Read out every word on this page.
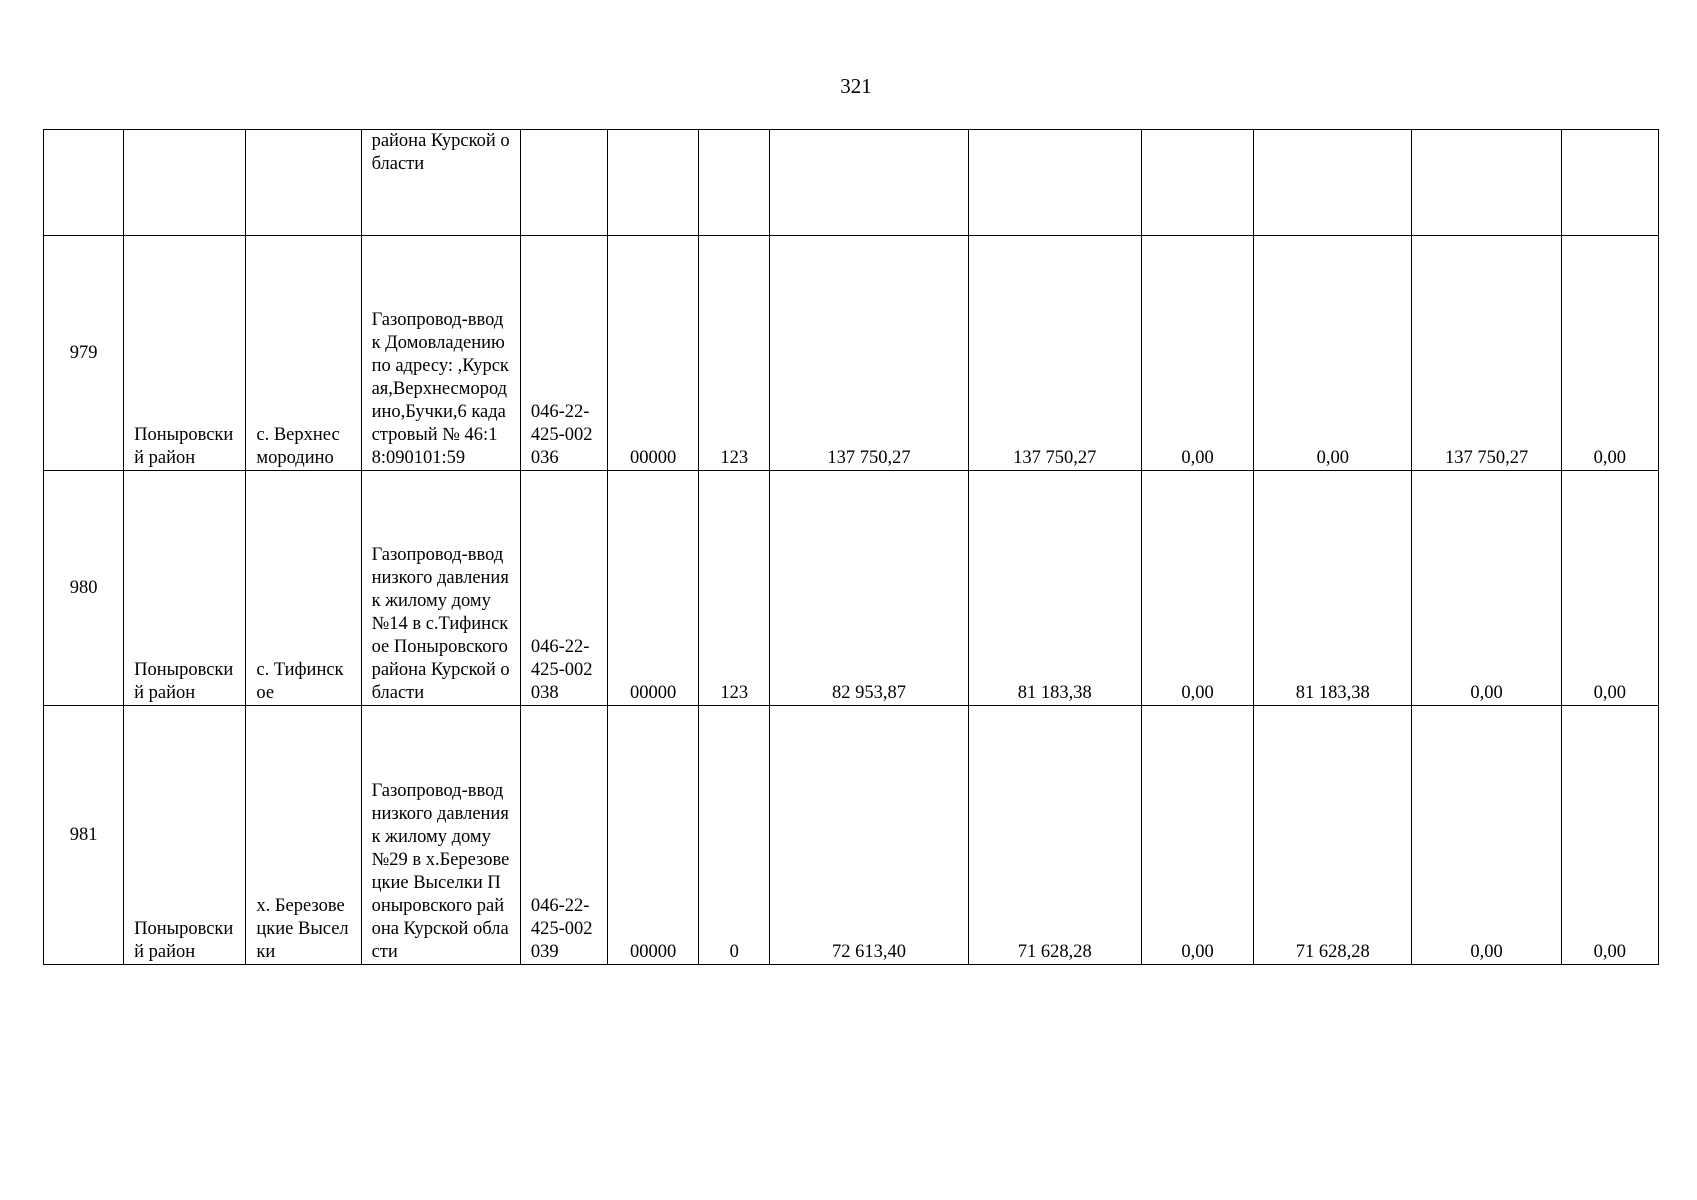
321
			района Курской области									
979	Поныровский район	с. Верхнесмородино	Газопровод-ввод к Домовладению по адресу: ,Курская,Верхнесмородино,Бучки,6 кадастровый № 46:18:090101:59	046-22-425-002036	00000	123	137 750,27	137 750,27	0,00	0,00	137 750,27	0,00
980	Поныровский район	с. Тифинское	Газопровод-ввод низкого давления к жилому дому №14 в с.Тифинское Поныровского района Курской области	046-22-425-002038	00000	123	82 953,87	81 183,38	0,00	81 183,38	0,00	0,00
981	Поныровский район	х. Березовецкие Выселки	Газопровод-ввод низкого давления к жилому дому №29 в х.Березовецкие Выселки Поныровского района Курской области	046-22-425-002039	00000	0	72 613,40	71 628,28	0,00	71 628,28	0,00	0,00
